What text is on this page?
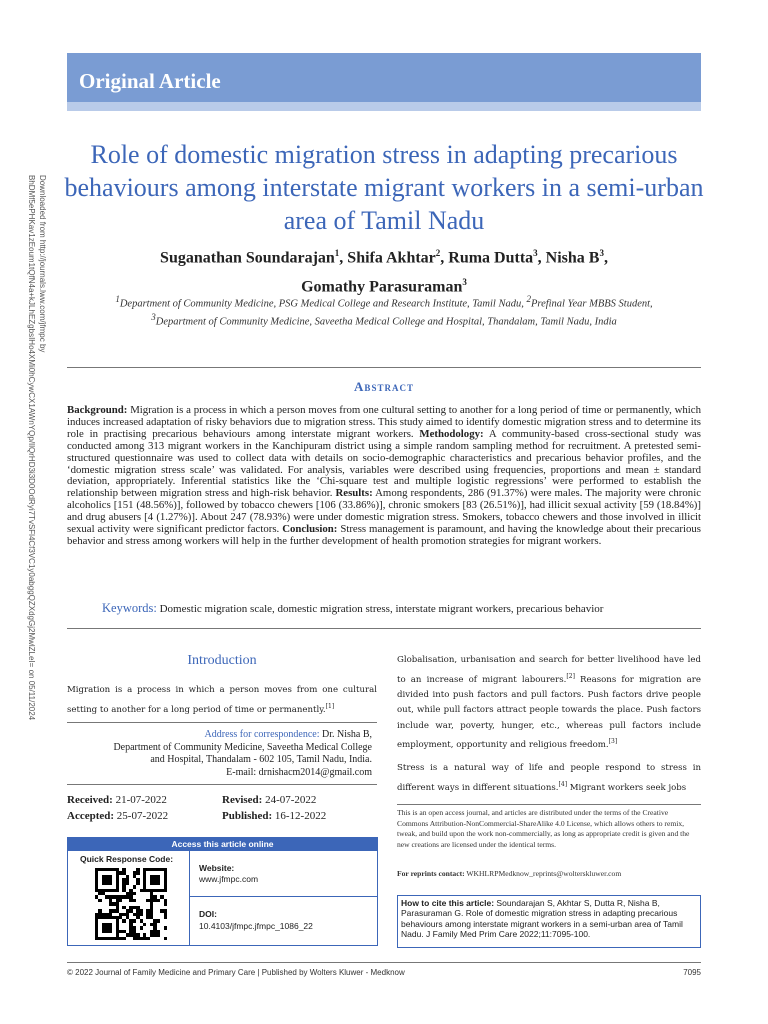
Original Article
Downloaded from http://journals.lww.com/jfmpc by BhDMf5ePHKav1zEoum1tQfN4a+kJLhEZgbsIHo4XMi0hCywCX1AWnYQp/IlQrHD3i3D0OdRyi7TvSFl4Cf3VC1y0abggQZXdgGj2MwlZLeI= on 05/11/2024
Role of domestic migration stress in adapting precarious behaviours among interstate migrant workers in a semi-urban area of Tamil Nadu
Suganathan Soundarajan$^1$, Shifa Akhtar$^2$, Ruma Dutta$^3$, Nisha $B^3$,
Gomathy Parasuraman$^3$
$^1$Department of Community Medicine, PSG Medical College and Research Institute, Tamil Nadu, $^2$Prefinal Year MBBS Student,
$^3$Department of Community Medicine, Saveetha Medical College and Hospital, Thandalam, Tamil Nadu, India
Abstract
Background: Migration is a process in which a person moves from one cultural setting to another for a long period of time or permanently, which induces increased adaptation of risky behaviors due to migration stress. This study aimed to identify domestic migration stress and to determine its role in practising precarious behaviours among interstate migrant workers. Methodology: A community-based cross-sectional study was conducted among 313 migrant workers in the Kanchipuram district using a simple random sampling method for recruitment. A pretested semi-structured questionnaire was used to collect data with details on socio-demographic characteristics and precarious behavior profiles, and the ‘domestic migration stress scale’ was validated. For analysis, variables were described using frequencies, proportions and mean ± standard deviation, appropriately. Inferential statistics like the ‘Chi-square test and multiple logistic regressions’ were performed to establish the relationship between migration stress and high-risk behavior. Results: Among respondents, 286 (91.37%) were males. The majority were chronic alcoholics [151 (48.56%)], followed by tobacco chewers [106 (33.86%)], chronic smokers [83 (26.51%)], had illicit sexual activity [59 (18.84%)] and drug abusers [4 (1.27%)]. About 247 (78.93%) were under domestic migration stress. Smokers, tobacco chewers and those involved in illicit sexual activity were significant predictor factors. Conclusion: Stress management is paramount, and having the knowledge about their precarious behavior and stress among workers will help in the further development of health promotion strategies for migrant workers.
Keywords: Domestic migration scale, domestic migration stress, interstate migrant workers, precarious behavior
Introduction
Migration is a process in which a person moves from one cultural setting to another for a long period of time or permanently.[1]
Address for correspondence: Dr. Nisha B,
Department of Community Medicine, Saveetha Medical College
and Hospital, Thandalam - 602 105, Tamil Nadu, India.
E-mail: drnishacm2014@gmail.com
Received: 21-07-2022	Revised: 24-07-2022
Accepted: 25-07-2022	Published: 16-12-2022
Access this article online
Quick Response Code:
Website:
www.jfmpc.com
DOI:
10.4103/jfmpc.jfmpc_1086_22
Globalisation, urbanisation and search for better livelihood have led to an increase of migrant labourers.[2] Reasons for migration are divided into push factors and pull factors. Push factors drive people out, while pull factors attract people towards the place. Push factors include war, poverty, hunger, etc., whereas pull factors include employment, opportunity and religious freedom.[3]
Stress is a natural way of life and people respond to stress in different ways in different situations.[4] Migrant workers seek jobs
This is an open access journal, and articles are distributed under the terms of the Creative Commons Attribution-NonCommercial-ShareAlike 4.0 License, which allows others to remix, tweak, and build upon the work non-commercially, as long as appropriate credit is given and the new creations are licensed under the identical terms.
For reprints contact: WKHLRPMedknow_reprints@wolterskluwer.com
How to cite this article: Soundarajan S, Akhtar S, Dutta R, Nisha B, Parasuraman G. Role of domestic migration stress in adapting precarious behaviours among interstate migrant workers in a semi-urban area of Tamil Nadu. J Family Med Prim Care 2022;11:7095-100.
© 2022 Journal of Family Medicine and Primary Care | Published by Wolters Kluwer - Medknow	7095
